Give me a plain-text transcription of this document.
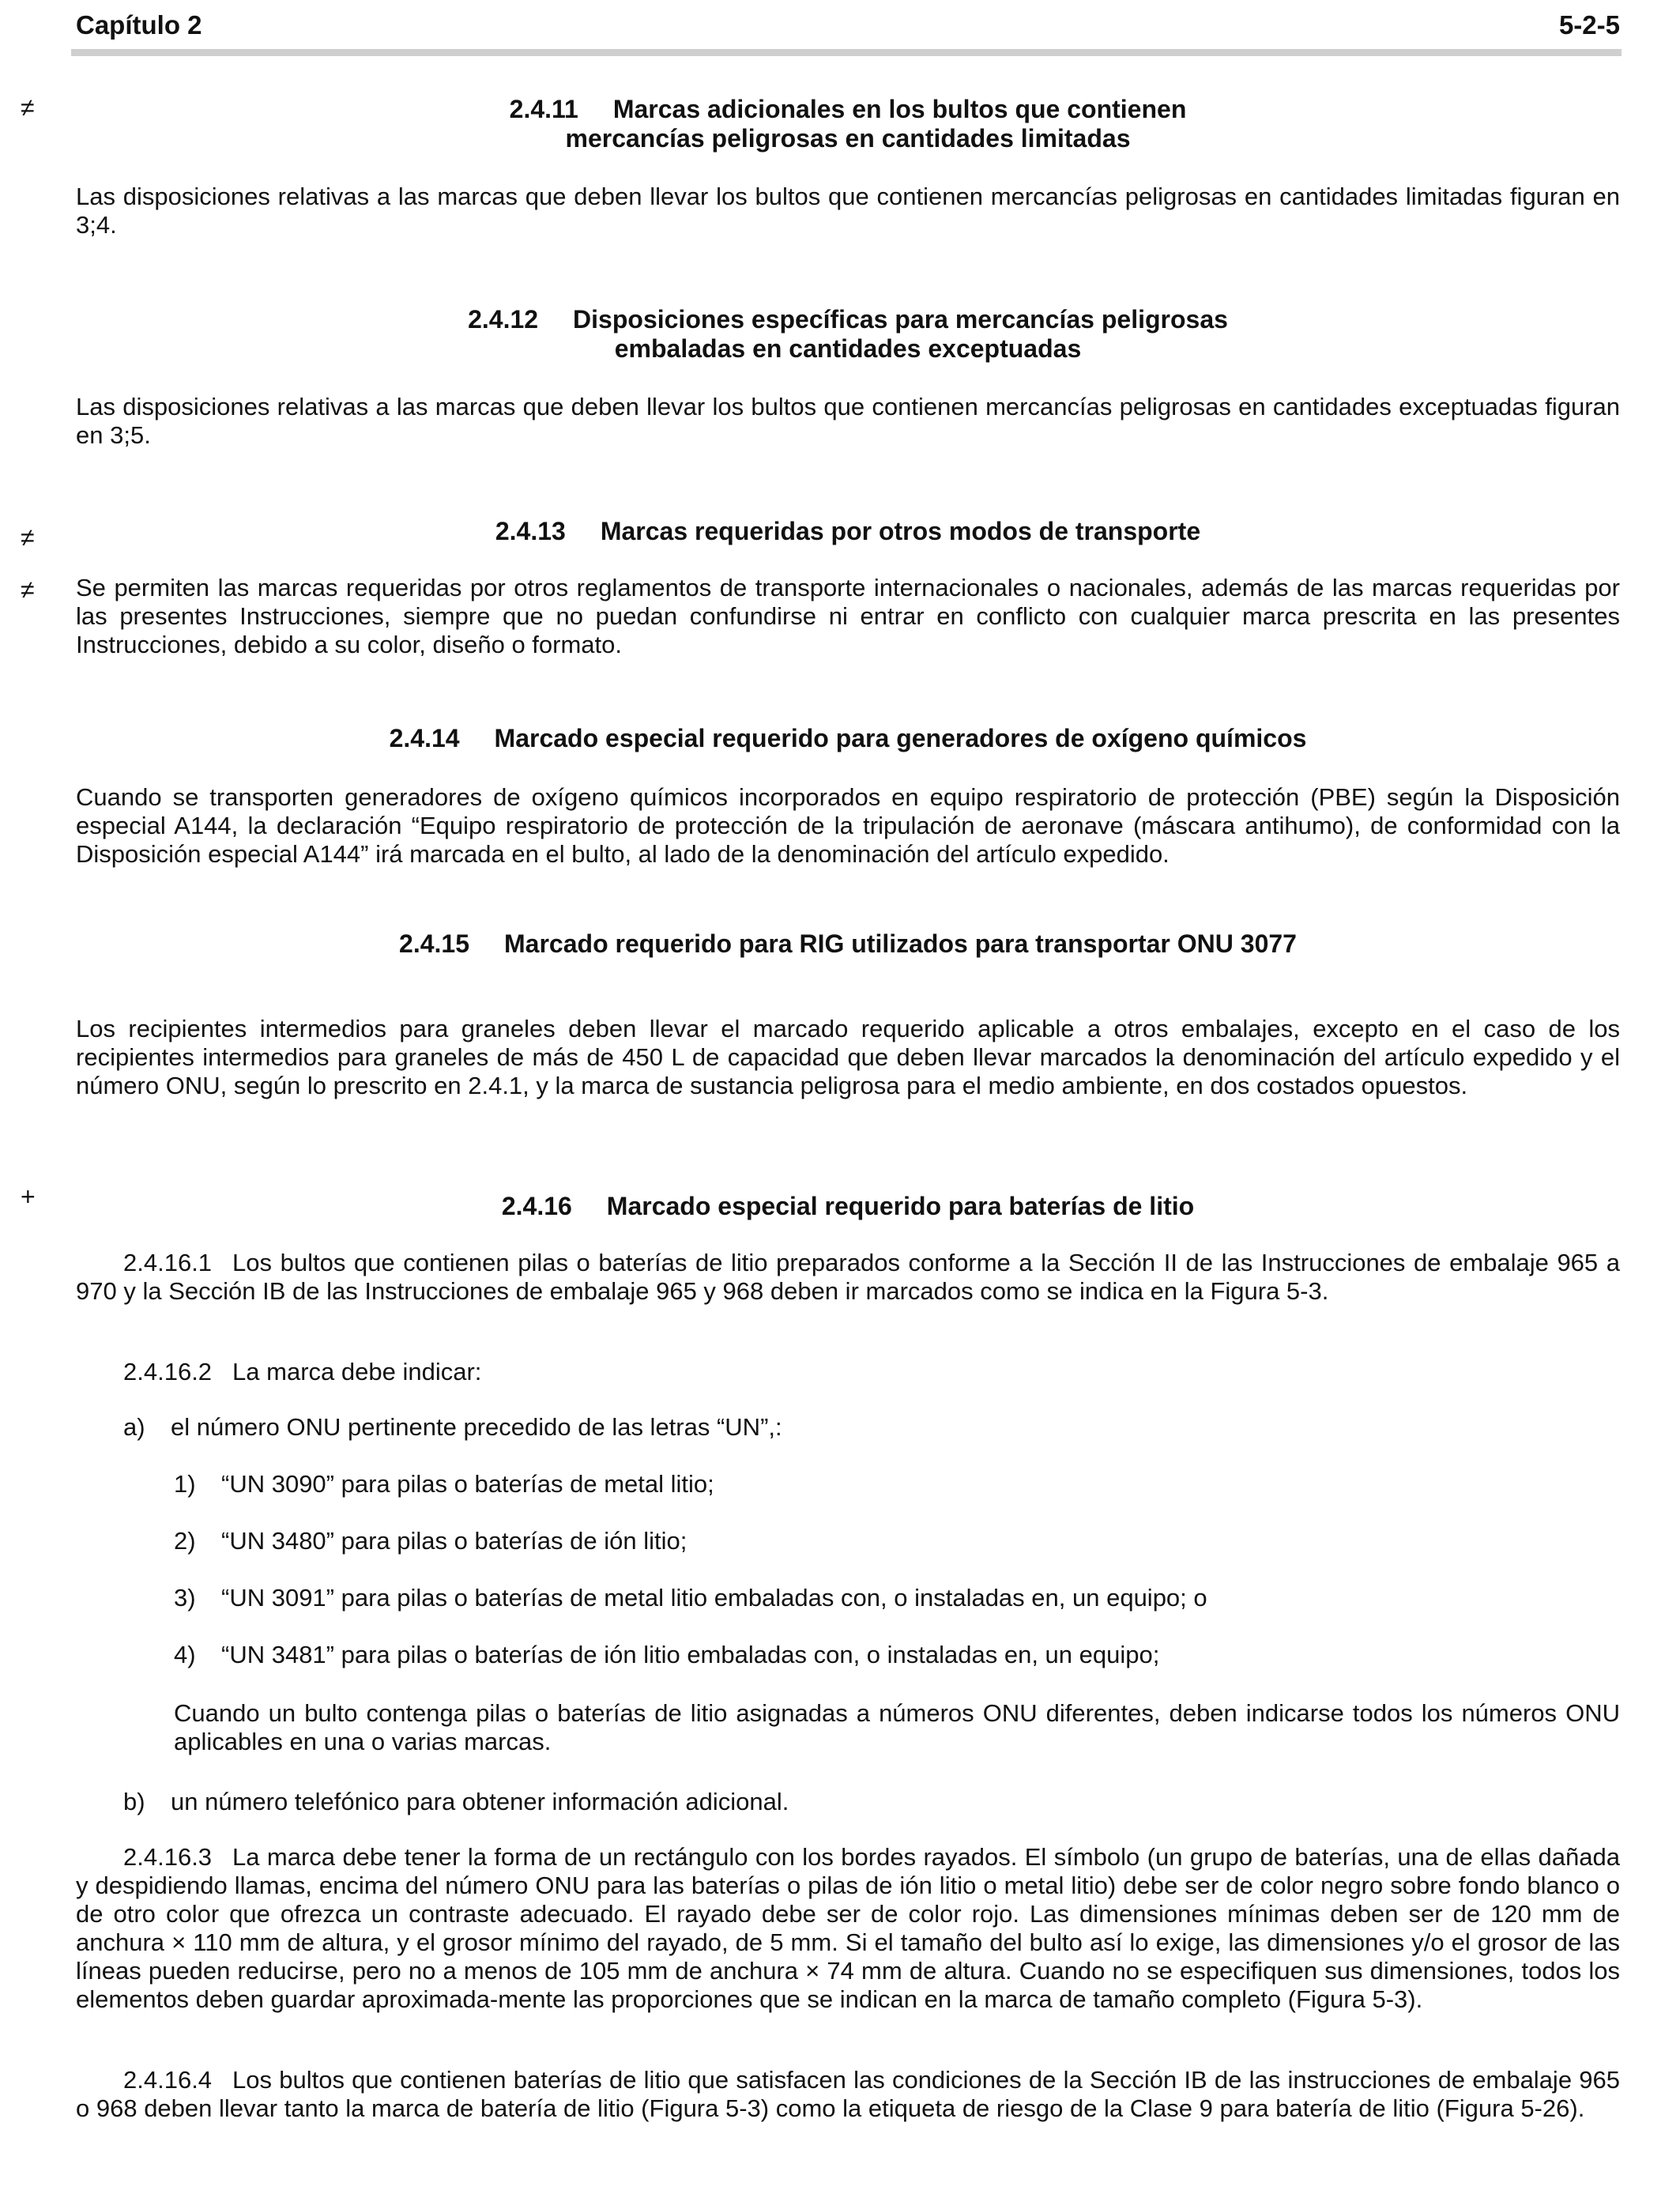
Capítulo 2	5-2-5
≠
≠
≠
+
2.4.11 Marcas adicionales en los bultos que contienen
mercancías peligrosas en cantidades limitadas
Las disposiciones relativas a las marcas que deben llevar los bultos que contienen mercancías peligrosas en cantidades limitadas figuran en 3;4.
2.4.12 Disposiciones específicas para mercancías peligrosas
embaladas en cantidades exceptuadas
Las disposiciones relativas a las marcas que deben llevar los bultos que contienen mercancías peligrosas en cantidades exceptuadas figuran en 3;5.
2.4.13 Marcas requeridas por otros modos de transporte
Se permiten las marcas requeridas por otros reglamentos de transporte internacionales o nacionales, además de las marcas requeridas por las presentes Instrucciones, siempre que no puedan confundirse ni entrar en conflicto con cualquier marca prescrita en las presentes Instrucciones, debido a su color, diseño o formato.
2.4.14 Marcado especial requerido para generadores de oxígeno químicos
Cuando se transporten generadores de oxígeno químicos incorporados en equipo respiratorio de protección (PBE) según la Disposición especial A144, la declaración “Equipo respiratorio de protección de la tripulación de aeronave (máscara antihumo), de conformidad con la Disposición especial A144” irá marcada en el bulto, al lado de la denominación del artículo expedido.
2.4.15 Marcado requerido para RIG utilizados para transportar ONU 3077
Los recipientes intermedios para graneles deben llevar el marcado requerido aplicable a otros embalajes, excepto en el caso de los recipientes intermedios para graneles de más de 450 L de capacidad que deben llevar marcados la denominación del artículo expedido y el número ONU, según lo prescrito en 2.4.1, y la marca de sustancia peligrosa para el medio ambiente, en dos costados opuestos.
2.4.16 Marcado especial requerido para baterías de litio
2.4.16.1 Los bultos que contienen pilas o baterías de litio preparados conforme a la Sección II de las Instrucciones de embalaje 965 a 970 y la Sección IB de las Instrucciones de embalaje 965 y 968 deben ir marcados como se indica en la Figura 5-3.
2.4.16.2 La marca debe indicar:
a) el número ONU pertinente precedido de las letras “UN”,:
1) “UN 3090” para pilas o baterías de metal litio;
2) “UN 3480” para pilas o baterías de ión litio;
3) “UN 3091” para pilas o baterías de metal litio embaladas con, o instaladas en, un equipo; o
4) “UN 3481” para pilas o baterías de ión litio embaladas con, o instaladas en, un equipo;
Cuando un bulto contenga pilas o baterías de litio asignadas a números ONU diferentes, deben indicarse todos los números ONU aplicables en una o varias marcas.
b) un número telefónico para obtener información adicional.
2.4.16.3 La marca debe tener la forma de un rectángulo con los bordes rayados. El símbolo (un grupo de baterías, una de ellas dañada y despidiendo llamas, encima del número ONU para las baterías o pilas de ión litio o metal litio) debe ser de color negro sobre fondo blanco o de otro color que ofrezca un contraste adecuado. El rayado debe ser de color rojo. Las dimensiones mínimas deben ser de 120 mm de anchura × 110 mm de altura, y el grosor mínimo del rayado, de 5 mm. Si el tamaño del bulto así lo exige, las dimensiones y/o el grosor de las líneas pueden reducirse, pero no a menos de 105 mm de anchura × 74 mm de altura. Cuando no se especifiquen sus dimensiones, todos los elementos deben guardar aproximada-mente las proporciones que se indican en la marca de tamaño completo (Figura 5-3).
2.4.16.4 Los bultos que contienen baterías de litio que satisfacen las condiciones de la Sección IB de las instrucciones de embalaje 965 o 968 deben llevar tanto la marca de batería de litio (Figura 5-3) como la etiqueta de riesgo de la Clase 9 para batería de litio (Figura 5-26).
